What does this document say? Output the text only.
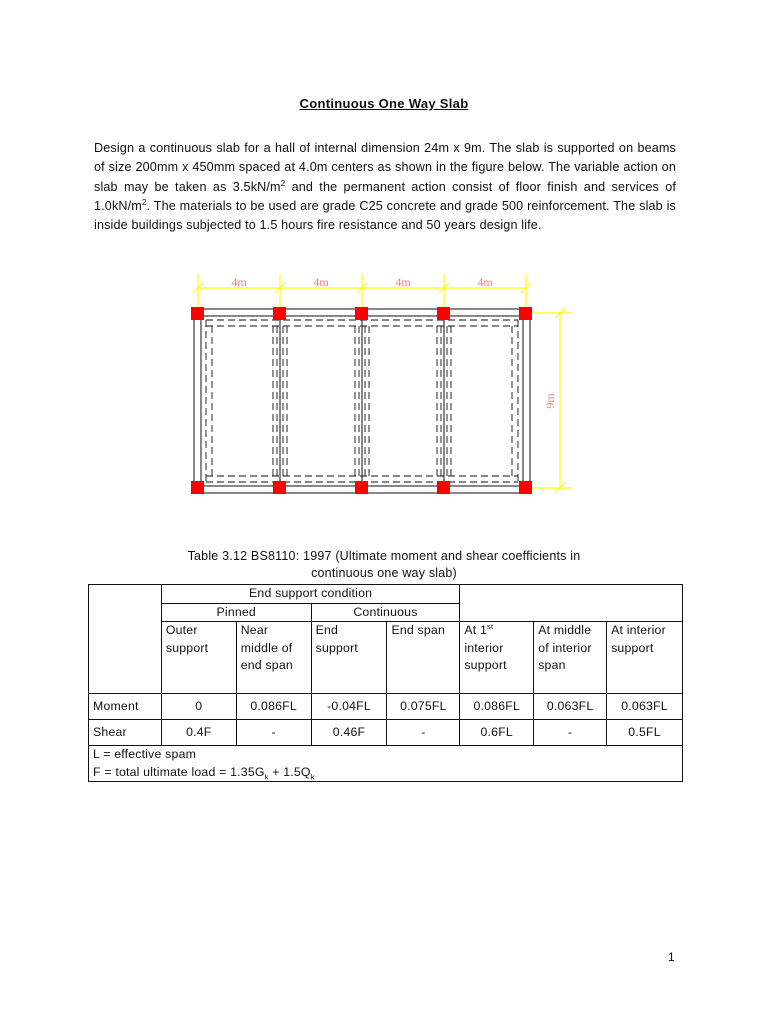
Continuous One Way Slab
Design a continuous slab for a hall of internal dimension 24m x 9m. The slab is supported on beams of size 200mm x 450mm spaced at 4.0m centers as shown in the figure below. The variable action on slab may be taken as $3.5kN/m^2$ and the permanent action consist of floor finish and services of $1.0kN/m^2$. The materials to be used are grade C25 concrete and grade 500 reinforcement. The slab is inside buildings subjected to 1.5 hours fire resistance and 50 years design life.
4m	4m	4m	4m
9m
Table 3.12 BS8110: 1997 (Ultimate moment and shear coefficients in
continuous one way slab)
	End support condition						
	Pinned		Continuous				
	Outer support	Near middle of end span	End support	End span	At 1st interior support	At middle of interior span	At interior support
Moment	0	0.086FL	-0.04FL	0.075FL	0.086FL	0.063FL	0.063FL
Shear	0.4F	-	0.46F	-	0.6FL	-	0.5FL

L = effective spam
F = total ultimate load = $1.35G_k + 1.5Q_k$
1
